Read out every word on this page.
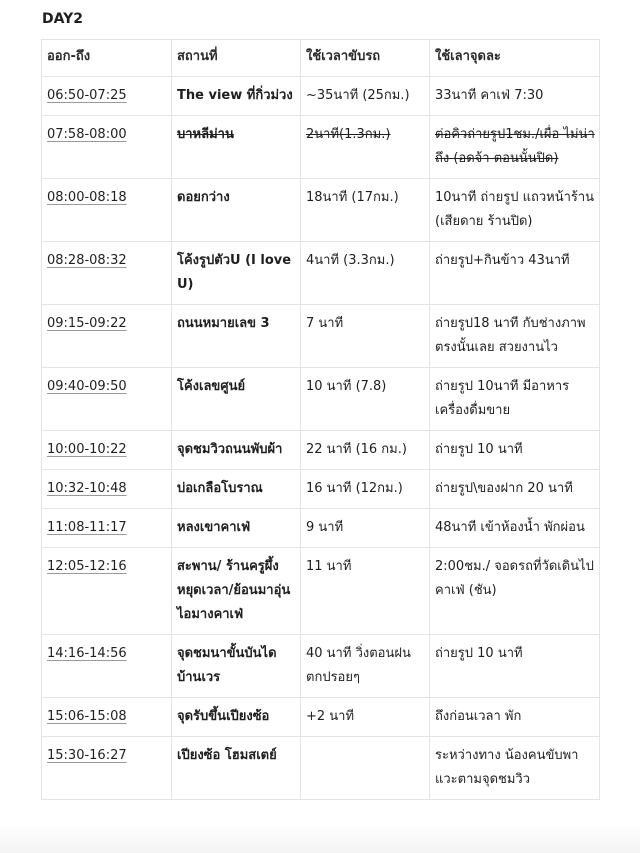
DAY2
ออก-ถึง	สถานที่	ใช้เวลาขับรถ	ใช้เลาจุดละ
06:50-07:25	The view ที่กิ่วม่วง	~35นาที (25กม.)	33นาที คาเฟ่ 7:30
07:58-08:00	บาหลีม่าน	2นาที(1.3กม.)	ต่อคิวถ่ายรูป1ชม./เผื่อ ไม่น่าถึง (อดจ้า ตอนนั้นปิด)
08:00-08:18	ดอยกว่าง	18นาที (17กม.)	10นาที ถ่ายรูป แถวหน้าร้าน (เสียดาย ร้านปิด)
08:28-08:32	โค้งรูปตัวU (I love U)	4นาที (3.3กม.)	ถ่ายรูป+กินข้าว 43นาที
09:15-09:22	ถนนหมายเลข 3	7 นาที	ถ่ายรูป18 นาที กับช่างภาพตรงนั้นเลย สวยงานไว
09:40-09:50	โค้งเลขศูนย์	10 นาที (7.8)	ถ่ายรูป 10นาที มีอาหารเครื่องดื่มขาย
10:00-10:22	จุดชมวิวถนนพับผ้า	22 นาที (16 กม.)	ถ่ายรูป 10 นาที
10:32-10:48	บ่อเกลือโบราณ	16 นาที (12กม.)	ถ่ายรูป\ของฝาก 20 นาที
11:08-11:17	หลงเขาคาเฟ่	9 นาที	48นาที เข้าห้องน้ำ พักผ่อน
12:05-12:16	สะพาน/ ร้านครูผึ้ง หยุดเวลา/ย้อนมาอุ่นไอมางคาเฟ่	11 นาที	2:00ชม./ จอดรถที่วัดเดินไปคาเฟ่ (ชัน)
14:16-14:56	จุดชมนาขั้นบันไดบ้านเวร	40 นาที วิ่งตอนฝนตกปรอยๆ	ถ่ายรูป 10 นาที
15:06-15:08	จุดรับขึ้นเปียงซ้อ	+2 นาที	ถึงก่อนเวลา พัก
15:30-16:27	เปียงซ้อ โฮมสเตย์		ระหว่างทาง น้องคนขับพาแวะตามจุดชมวิว
